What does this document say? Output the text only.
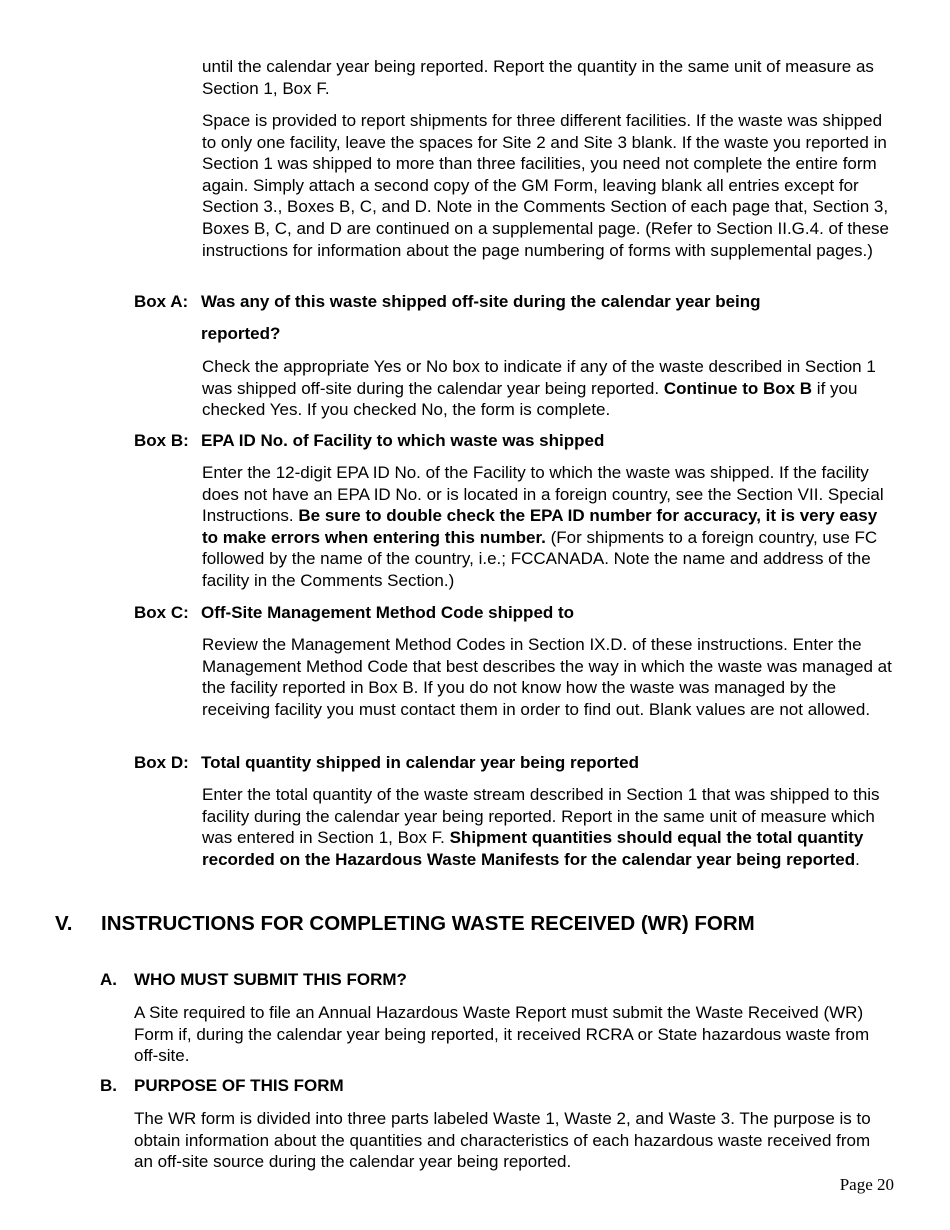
until the calendar year being reported. Report the quantity in the same unit of measure as Section 1, Box F.

Space is provided to report shipments for three different facilities. If the waste was shipped to only one facility, leave the spaces for Site 2 and Site 3 blank. If the waste you reported in Section 1 was shipped to more than three facilities, you need not complete the entire form again. Simply attach a second copy of the GM Form, leaving blank all entries except for Section 3., Boxes B, C, and D. Note in the Comments Section of each page that, Section 3, Boxes B, C, and D are continued on a supplemental page. (Refer to Section II.G.4. of these instructions for information about the page numbering of forms with supplemental pages.)

Box A: Was any of this waste shipped off-site during the calendar year being
reported?

Check the appropriate Yes or No box to indicate if any of the waste described in Section 1 was shipped off-site during the calendar year being reported. Continue to Box B if you checked Yes. If you checked No, the form is complete.

Box B: EPA ID No. of Facility to which waste was shipped

Enter the 12-digit EPA ID No. of the Facility to which the waste was shipped. If the facility does not have an EPA ID No. or is located in a foreign country, see the Section VII. Special Instructions. Be sure to double check the EPA ID number for accuracy, it is very easy to make errors when entering this number. (For shipments to a foreign country, use FC followed by the name of the country, i.e.; FCCANADA. Note the name and address of the facility in the Comments Section.)

Box C: Off-Site Management Method Code shipped to

Review the Management Method Codes in Section IX.D. of these instructions. Enter the Management Method Code that best describes the way in which the waste was managed at the facility reported in Box B. If you do not know how the waste was managed by the receiving facility you must contact them in order to find out. Blank values are not allowed.

Box D: Total quantity shipped in calendar year being reported

Enter the total quantity of the waste stream described in Section 1 that was shipped to this facility during the calendar year being reported. Report in the same unit of measure which was entered in Section 1, Box F. Shipment quantities should equal the total quantity recorded on the Hazardous Waste Manifests for the calendar year being reported.

V. INSTRUCTIONS FOR COMPLETING WASTE RECEIVED (WR) FORM
A. WHO MUST SUBMIT THIS FORM?

A Site required to file an Annual Hazardous Waste Report must submit the Waste Received (WR) Form if, during the calendar year being reported, it received RCRA or State hazardous waste from off-site.

B. PURPOSE OF THIS FORM

The WR form is divided into three parts labeled Waste 1, Waste 2, and Waste 3. The purpose is to obtain information about the quantities and characteristics of each hazardous waste received from an off-site source during the calendar year being reported.

Page 20
